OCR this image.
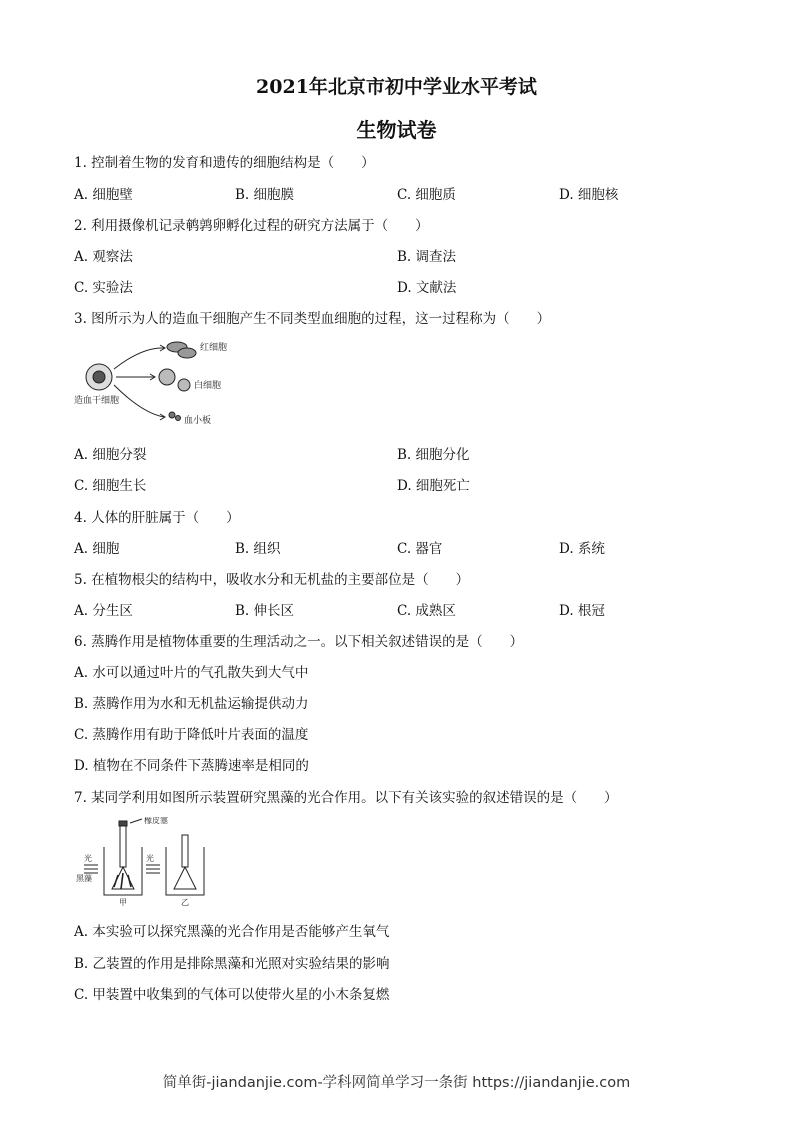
2021年北京市初中学业水平考试
生物试卷
1. 控制着生物的发育和遗传的细胞结构是（　　）
A. 细胞壁	B. 细胞膜	C. 细胞质	D. 细胞核
2. 利用摄像机记录鹌鹑卵孵化过程的研究方法属于（　　）
A. 观察法	B. 调查法
C. 实验法	D. 文献法
3. 图所示为人的造血干细胞产生不同类型血细胞的过程，这一过程称为（　　）
红细胞
白细胞
血小板
造血干细胞
A. 细胞分裂	B. 细胞分化
C. 细胞生长	D. 细胞死亡
4. 人体的肝脏属于（　　）
A. 细胞	B. 组织	C. 器官	D. 系统
5. 在植物根尖的结构中，吸收水分和无机盐的主要部位是（　　）
A. 分生区	B. 伸长区	C. 成熟区	D. 根冠
6. 蒸腾作用是植物体重要的生理活动之一。以下相关叙述错误的是（　　）
A. 水可以通过叶片的气孔散失到大气中
B. 蒸腾作用为水和无机盐运输提供动力
C. 蒸腾作用有助于降低叶片表面的温度
D. 植物在不同条件下蒸腾速率是相同的
7. 某同学利用如图所示装置研究黑藻的光合作用。以下有关该实验的叙述错误的是（　　）
橡皮塞
光
黑藻
光
甲	乙
A. 本实验可以探究黑藻的光合作用是否能够产生氧气
B. 乙装置的作用是排除黑藻和光照对实验结果的影响
C. 甲装置中收集到的气体可以使带火星的小木条复燃
简单街-jiandanjie.com-学科网简单学习一条街 https://jiandanjie.com
